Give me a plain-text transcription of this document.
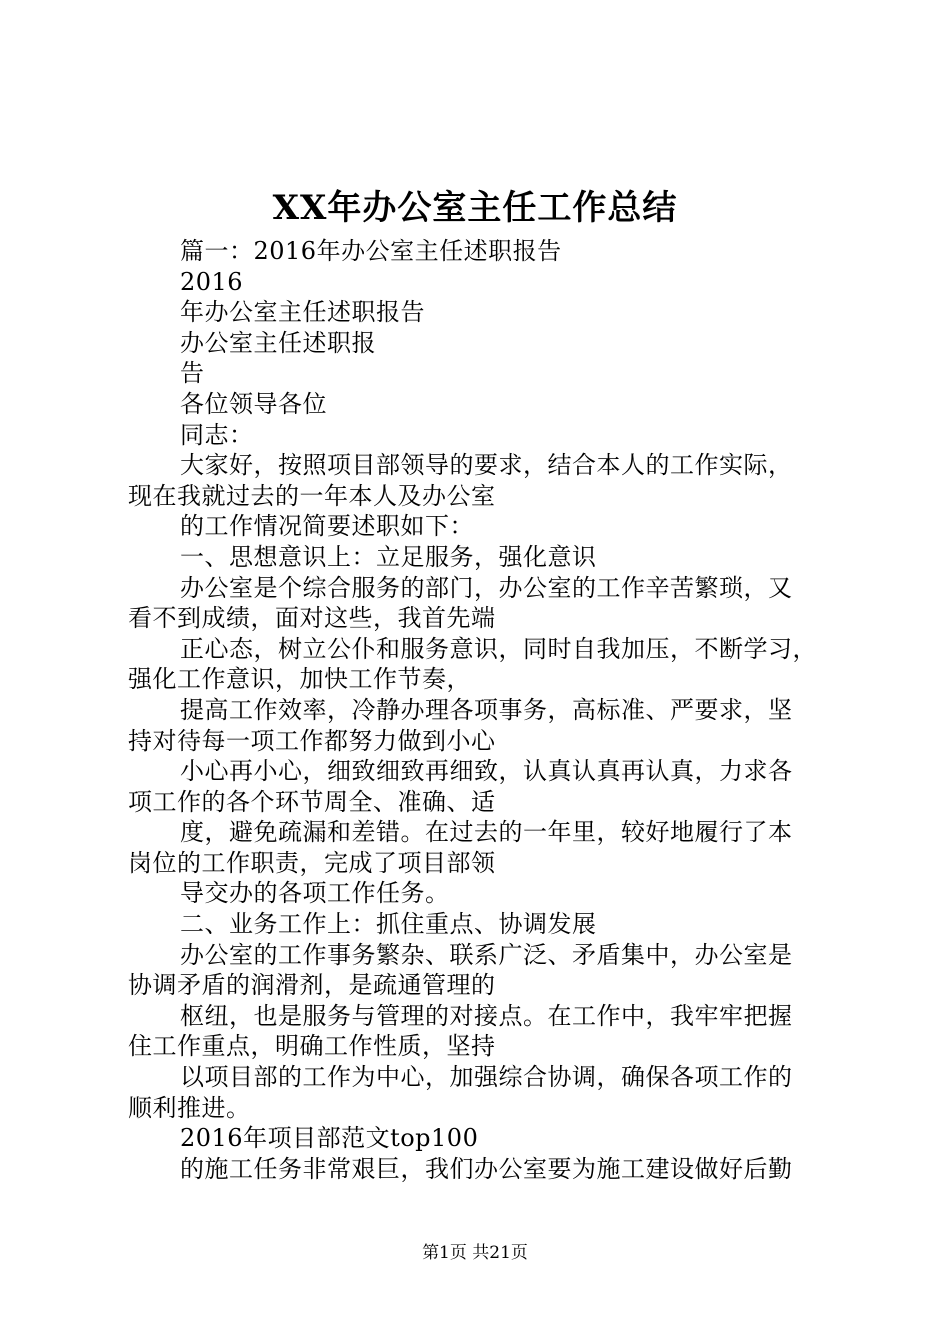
XX年办公室主任工作总结
篇一：2016年办公室主任述职报告
2016
年办公室主任述职报告
办公室主任述职报
告
各位领导各位
同志：
大家好，按照项目部领导的要求，结合本人的工作实际，
现在我就过去的一年本人及办公室
的工作情况简要述职如下：
一、思想意识上：立足服务，强化意识
办公室是个综合服务的部门，办公室的工作辛苦繁琐，又
看不到成绩，面对这些，我首先端
正心态，树立公仆和服务意识，同时自我加压，不断学习，
强化工作意识，加快工作节奏，
提高工作效率，冷静办理各项事务，高标准、严要求，坚
持对待每一项工作都努力做到小心
小心再小心，细致细致再细致，认真认真再认真，力求各
项工作的各个环节周全、准确、适
度，避免疏漏和差错。在过去的一年里，较好地履行了本
岗位的工作职责，完成了项目部领
导交办的各项工作任务。
二、业务工作上：抓住重点、协调发展
办公室的工作事务繁杂、联系广泛、矛盾集中，办公室是
协调矛盾的润滑剂，是疏通管理的
枢纽，也是服务与管理的对接点。在工作中，我牢牢把握
住工作重点，明确工作性质，坚持
以项目部的工作为中心，加强综合协调，确保各项工作的
顺利推进。
2016年项目部范文top100
的施工任务非常艰巨，我们办公室要为施工建设做好后勤
第1页 共21页
